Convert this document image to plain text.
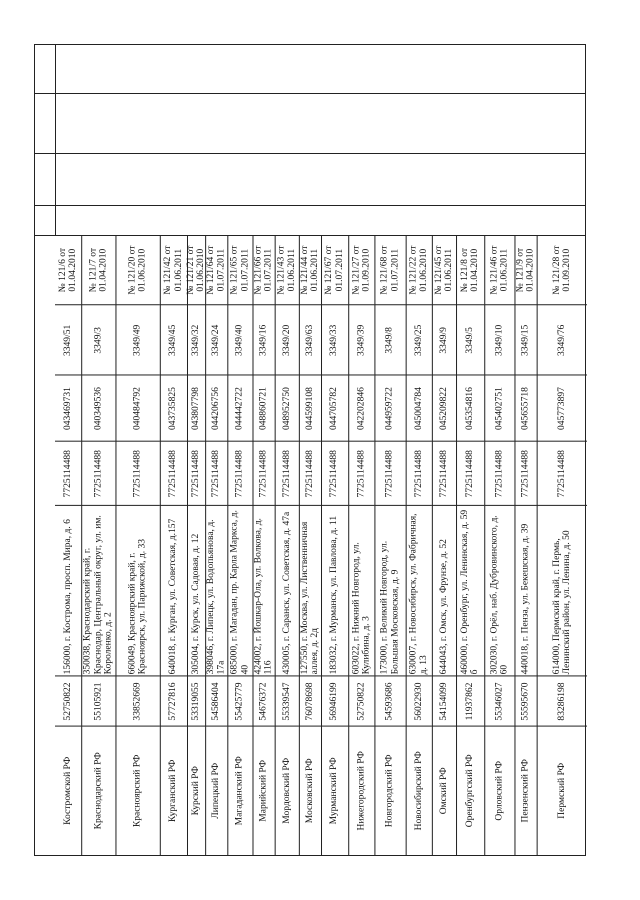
Костромской РФ
52750822
156000, г. Кострома, просп. Мира, д. 6
7725114488
043469731
3349/51
№ 121/6 от 01.04.2010
Краснодарский РФ
55105921
350038, Краснодарский край, г. Краснодар, Центральный округ, ул. им. Короленко, д. 2
7725114488
040349536
3349/3
№ 121/7 от 01.04.2010
Красноярский РФ
33852669
660049, Красноярский край, г. Красноярск, ул. Парижской, д. 33
7725114488
040484792
3349/49
№ 121/20 от 01.06.2010
Курганский РФ
57727816
640018, г. Курган, ул. Советская, д.157
7725114488
043735825
3349/45
№ 121/42 от 01.06.2011
Курский РФ
53319055
305004, г. Курск, ул. Садовая, д. 12
7725114488
043807798
3349/32
№ 121/21 от 01.06.2010
Липецкий РФ
54586404
398046, г. Липецк, ул. Водопьянова, д. 17а
7725114488
044206756
3349/24
№ 121/64 от 01.07.2011
Магаданский РФ
55425779
685000, г. Магадан, пр. Карла Маркса, д. 40
7725114488
044442722
3349/40
№ 121/65 от 01.07.2011
Марийский РФ
54676372
424002, г. Йошкар-Ола, ул. Волкова, д. 116
7725114488
048860721
3349/16
№ 121/66 от 01.07.2011
Мордовский РФ
55339547
430005, г. Саранск, ул. Советская, д. 47а
7725114488
048952750
3349/20
№ 121/43 от 01.06.2011
Московский РФ
76078698
127550, г. Москва, ул. Лиственничная аллея, д. 2д
7725114488
044599108
3349/63
№ 121/44 от 01.06.2011
Мурманский РФ
56946199
183032, г. Мурманск, ул. Павлова, д. 11
7725114488
044705782
3349/33
№ 121/67 от 01.07.2011
Нижегородский РФ
52750822
603022, г. Нижний Новгород, ул. Кулибина, д. 3
7725114488
042202846
3349/39
№ 121/27 от 01.09.2010
Новгородский РФ
54593686
173000, г. Великий Новгород, ул. Большая Московская, д. 9
7725114488
044959722
3349/8
№ 121/68 от 01.07.2011
Новосибирский РФ
56022930
630007, г. Новосибирск, ул. Фабричная, д. 13
7725114488
045004784
3349/25
№ 121/22 от 01.06.2010
Омский РФ
54154099
644043, г. Омск, ул. Фрунзе, д. 52
7725114488
045209822
3349/9
№ 121/45 от 01.06.2011
Оренбургский РФ
11937862
460000, г. Оренбург, ул. Ленинская, д. 59 б
7725114488
045354816
3349/5
№ 121/8 от 01.04.2010
Орловский РФ
55346027
302030, г. Орёл, наб. Дубровинского, д. 60
7725114488
045402751
3349/10
№ 121/46 от 01.06.2011
Пензенский РФ
55595670
440018, г. Пенза, ул. Бекешская, д. 39
7725114488
045655718
3349/15
№ 121/9 от 01.04.2010
Пермский РФ
83286198
614000, Пермский край, г. Пермь, Ленинский район, ул. Ленина, д. 50
7725114488
045773897
3349/76
№ 121/28 от 01.09.2010
